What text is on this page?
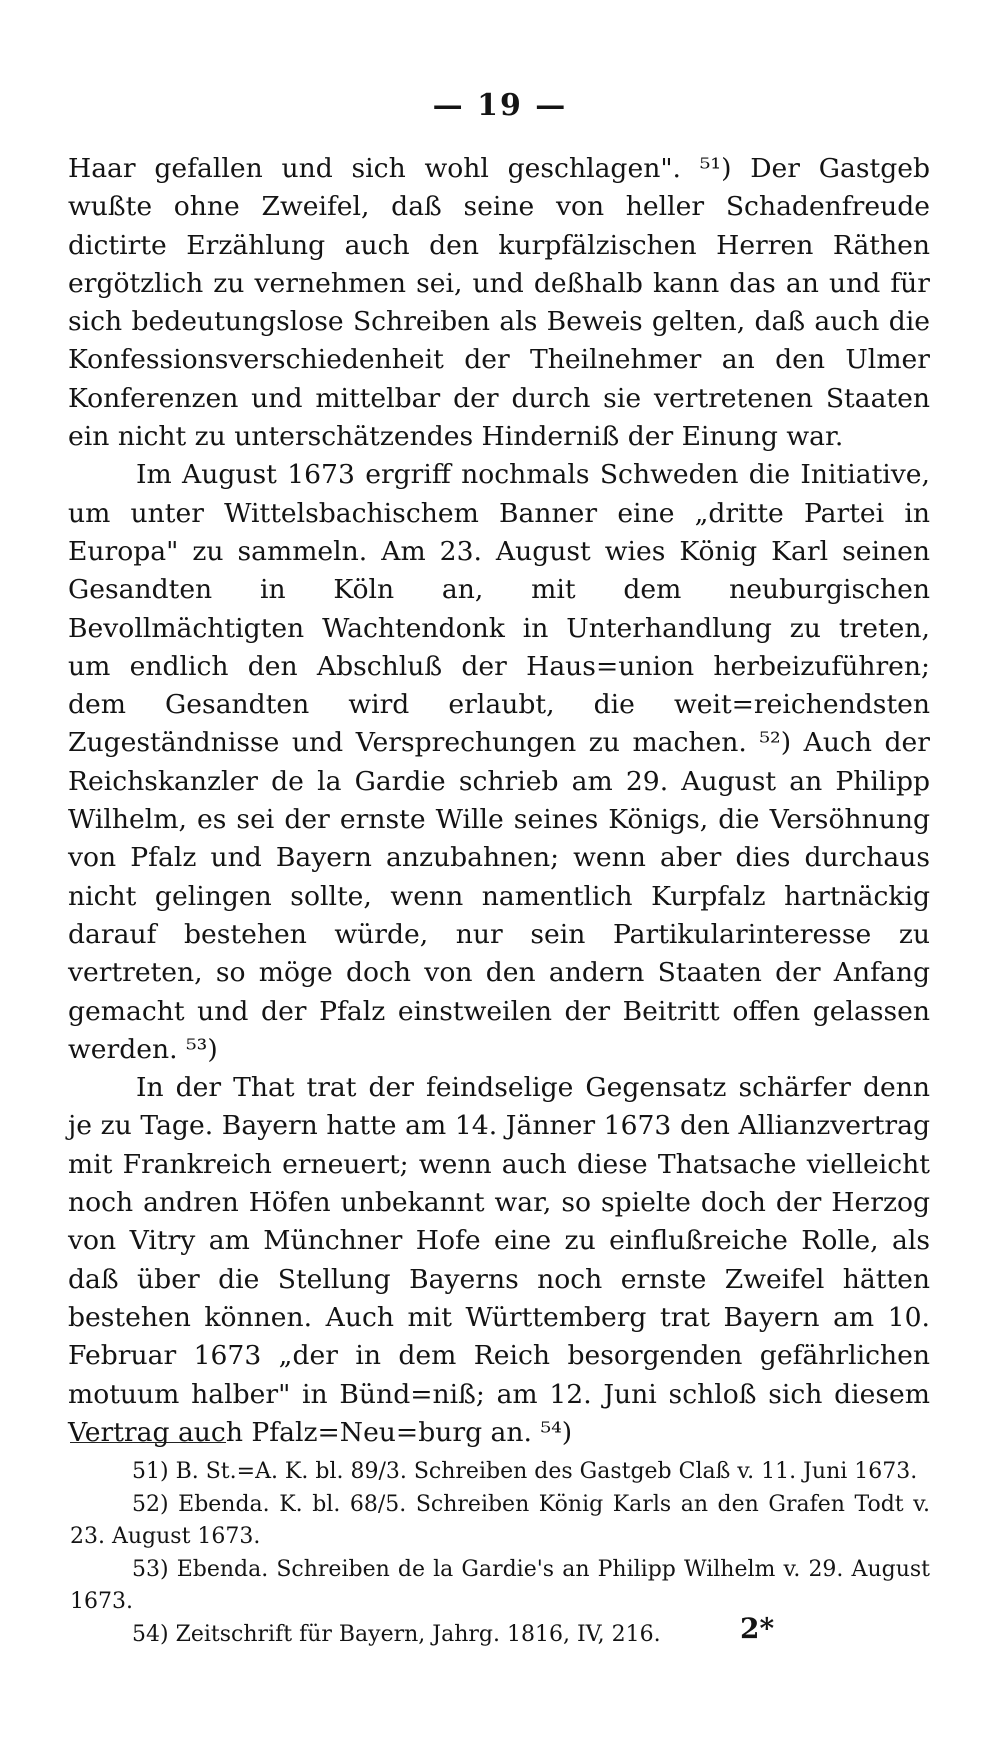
— 19 —

Haar gefallen und sich wohl geschlagen". ⁵¹) Der Gastgeb wußte ohne Zweifel, daß seine von heller Schadenfreude dictirte Erzählung auch den kurpfälzischen Herren Räthen ergötzlich zu vernehmen sei, und deßhalb kann das an und für sich bedeutungslose Schreiben als Beweis gelten, daß auch die Konfessionsverschiedenheit der Theilnehmer an den Ulmer Konferenzen und mittelbar der durch sie vertretenen Staaten ein nicht zu unterschätzendes Hinderniß der Einung war.

Im August 1673 ergriff nochmals Schweden die Initiative, um unter Wittelsbachischem Banner eine „dritte Partei in Europa" zu sammeln. Am 23. August wies König Karl seinen Gesandten in Köln an, mit dem neuburgischen Bevollmächtigten Wachtendonk in Unterhandlung zu treten, um endlich den Abschluß der Haus=union herbeizuführen; dem Gesandten wird erlaubt, die weit=reichendsten Zugeständnisse und Versprechungen zu machen. ⁵²) Auch der Reichskanzler de la Gardie schrieb am 29. August an Philipp Wilhelm, es sei der ernste Wille seines Königs, die Versöhnung von Pfalz und Bayern anzubahnen; wenn aber dies durchaus nicht gelingen sollte, wenn namentlich Kurpfalz hartnäckig darauf bestehen würde, nur sein Partikularinteresse zu vertreten, so möge doch von den andern Staaten der Anfang gemacht und der Pfalz einstweilen der Beitritt offen gelassen werden. ⁵³)

In der That trat der feindselige Gegensatz schärfer denn je zu Tage. Bayern hatte am 14. Jänner 1673 den Allianzvertrag mit Frankreich erneuert; wenn auch diese Thatsache vielleicht noch andren Höfen unbekannt war, so spielte doch der Herzog von Vitry am Münchner Hofe eine zu einflußreiche Rolle, als daß über die Stellung Bayerns noch ernste Zweifel hätten bestehen können. Auch mit Württemberg trat Bayern am 10. Februar 1673 „der in dem Reich besorgenden gefährlichen motuum halber" in Bünd=niß; am 12. Juni schloß sich diesem Vertrag auch Pfalz=Neu=burg an. ⁵⁴)

51) B. St.=A. K. bl. 89/3. Schreiben des Gastgeb Claß v. 11. Juni 1673.

52) Ebenda. K. bl. 68/5. Schreiben König Karls an den Grafen Todt v. 23. August 1673.

53) Ebenda. Schreiben de la Gardie's an Philipp Wilhelm v. 29. August 1673.

54) Zeitschrift für Bayern, Jahrg. 1816, IV, 216.	2*
